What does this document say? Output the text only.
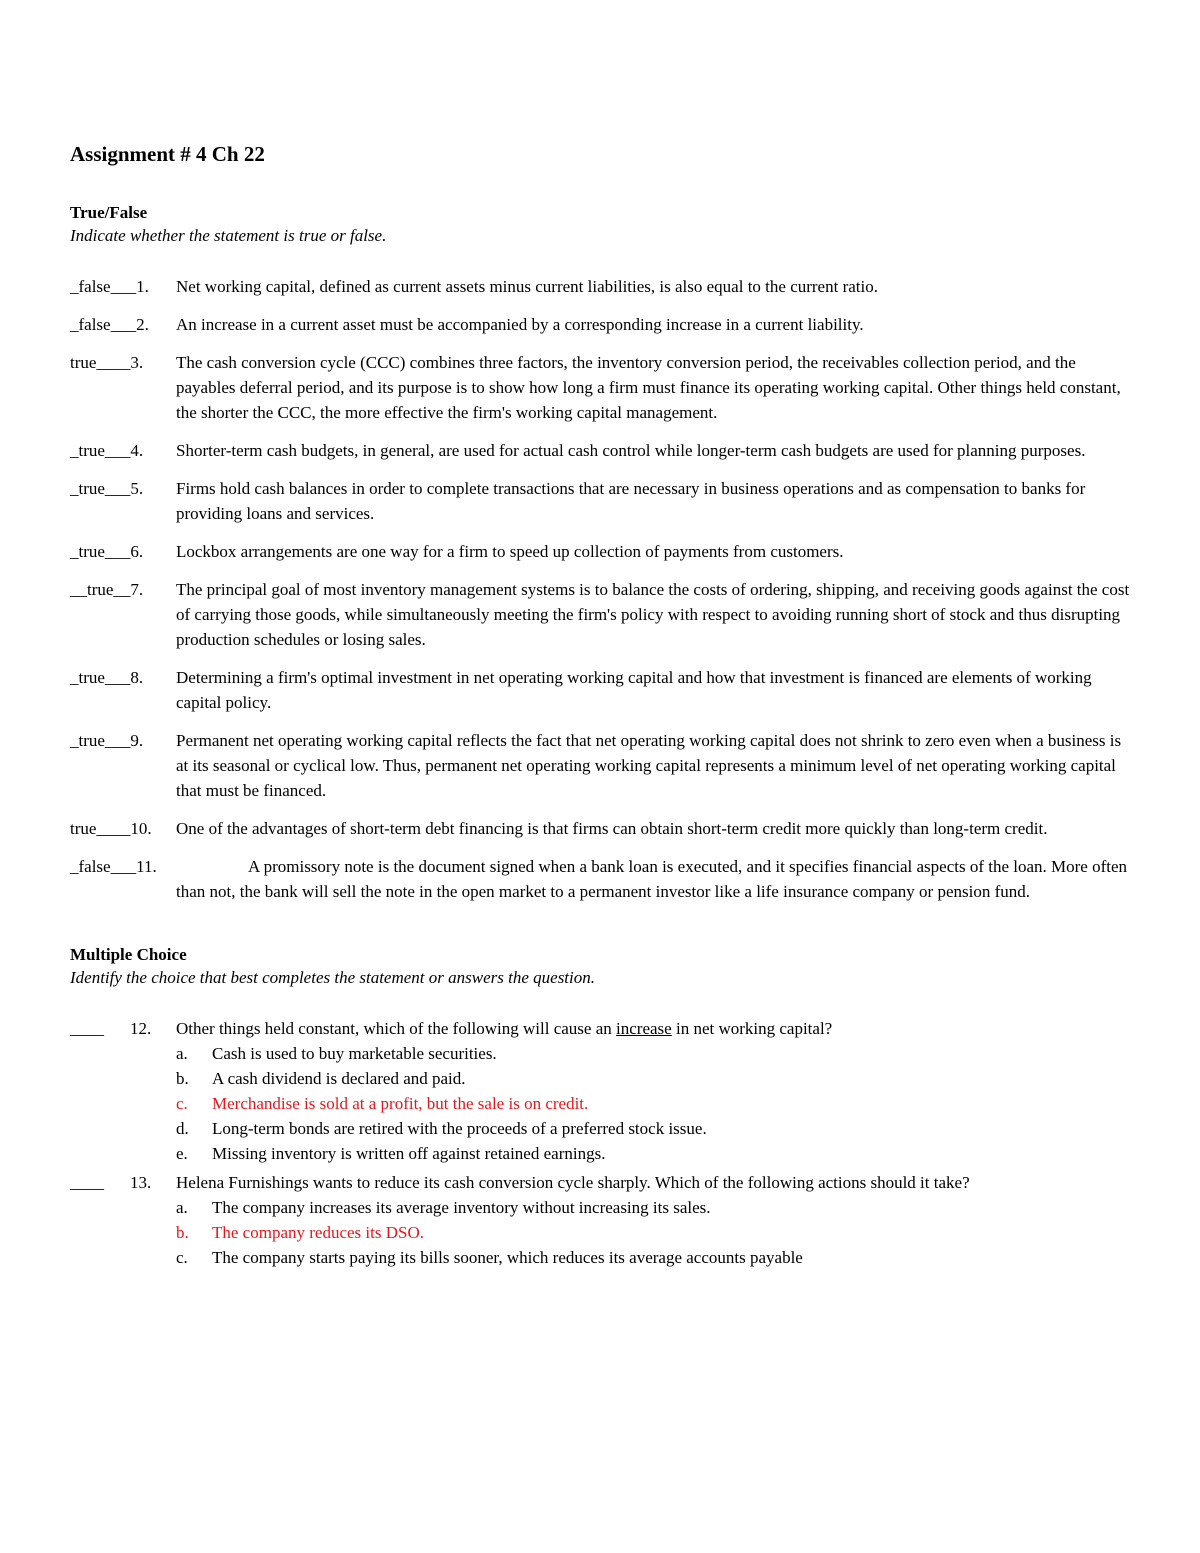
Assignment # 4 Ch 22
True/False
Indicate whether the statement is true or false.
_false___1.	Net working capital, defined as current assets minus current liabilities, is also equal to the current ratio.
_false___2.	An increase in a current asset must be accompanied by a corresponding increase in a current liability.
true____3.	The cash conversion cycle (CCC) combines three factors, the inventory conversion period, the receivables collection period, and the payables deferral period, and its purpose is to show how long a firm must finance its operating working capital. Other things held constant, the shorter the CCC, the more effective the firm's working capital management.
_true___4.	Shorter-term cash budgets, in general, are used for actual cash control while longer-term cash budgets are used for planning purposes.
_true___5.	Firms hold cash balances in order to complete transactions that are necessary in business operations and as compensation to banks for providing loans and services.
_true___6.	Lockbox arrangements are one way for a firm to speed up collection of payments from customers.
__true__7.	The principal goal of most inventory management systems is to balance the costs of ordering, shipping, and receiving goods against the cost of carrying those goods, while simultaneously meeting the firm's policy with respect to avoiding running short of stock and thus disrupting production schedules or losing sales.
_true___8.	Determining a firm's optimal investment in net operating working capital and how that investment is financed are elements of working capital policy.
_true___9.	Permanent net operating working capital reflects the fact that net operating working capital does not shrink to zero even when a business is at its seasonal or cyclical low. Thus, permanent net operating working capital represents a minimum level of net operating working capital that must be financed.
true____10.	One of the advantages of short-term debt financing is that firms can obtain short-term credit more quickly than long-term credit.
_false___11.	A promissory note is the document signed when a bank loan is executed, and it specifies financial aspects of the loan. More often than not, the bank will sell the note in the open market to a permanent investor like a life insurance company or pension fund.
Multiple Choice
Identify the choice that best completes the statement or answers the question.
____	12.	Other things held constant, which of the following will cause an increase in net working capital?
a.	Cash is used to buy marketable securities.
b.	A cash dividend is declared and paid.
c.	Merchandise is sold at a profit, but the sale is on credit.
d.	Long-term bonds are retired with the proceeds of a preferred stock issue.
e.	Missing inventory is written off against retained earnings.
____	13.	Helena Furnishings wants to reduce its cash conversion cycle sharply. Which of the following actions should it take?
a.	The company increases its average inventory without increasing its sales.
b.	The company reduces its DSO.
c.	The company starts paying its bills sooner, which reduces its average accounts payable
